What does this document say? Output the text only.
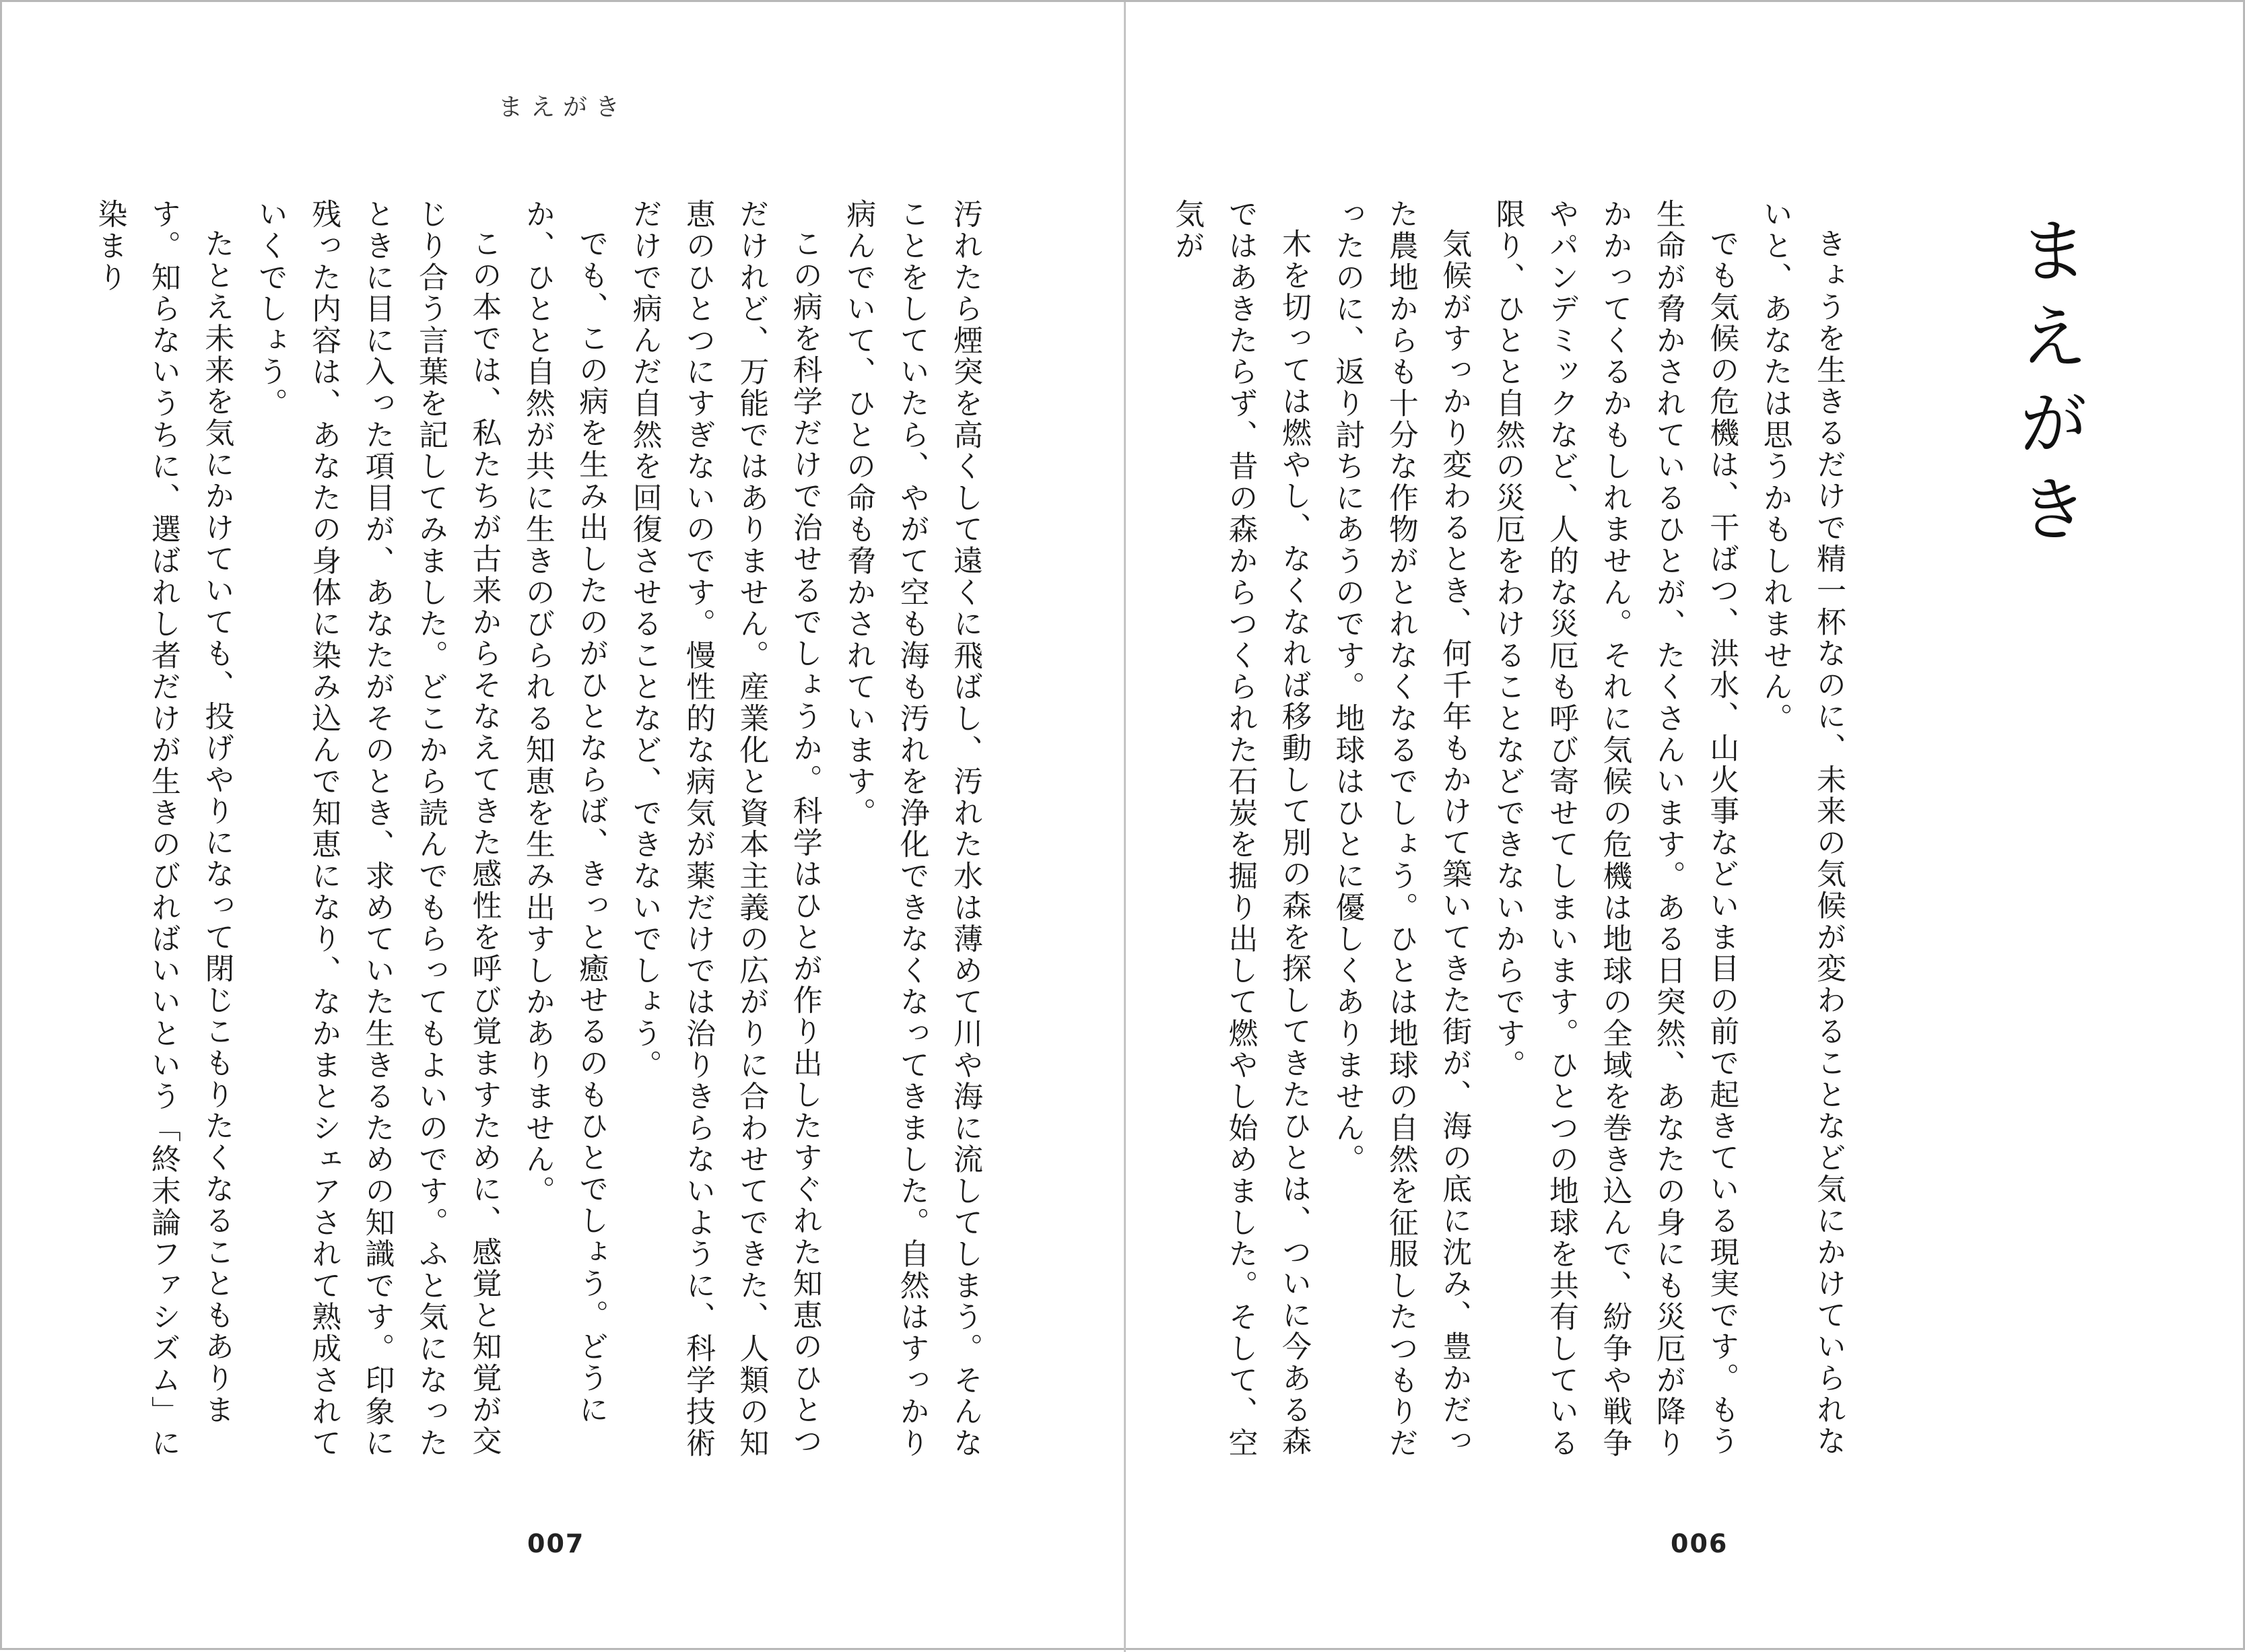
まえがき

汚れたら煙突を高くして遠くに飛ばし、汚れた水は薄めて川や海に流してしまう。そんなことをしていたら、やがて空も海も汚れを浄化できなくなってきました。自然はすっかり病んでいて、ひとの命も脅かされています。

この病を科学だけで治せるでしょうか。科学はひとが作り出したすぐれた知恵のひとつだけれど、万能ではありません。産業化と資本主義の広がりに合わせてできた、人類の知恵のひとつにすぎないのです。慢性的な病気が薬だけでは治りきらないように、科学技術だけで病んだ自然を回復させることなど、できないでしょう。

でも、この病を生み出したのがひとならば、きっと癒せるのもひとでしょう。どうにか、ひとと自然が共に生きのびられる知恵を生み出すしかありません。

この本では、私たちが古来からそなえてきた感性を呼び覚ますために、感覚と知覚が交じり合う言葉を記してみました。どこから読んでもらってもよいのです。ふと気になったときに目に入った項目が、あなたがそのとき、求めていた生きるための知識です。印象に残った内容は、あなたの身体に染み込んで知恵になり、なかまとシェアされて熟成されていくでしょう。

たとえ未来を気にかけていても、投げやりになって閉じこもりたくなることもあります。知らないうちに、選ばれし者だけが生きのびればいいという「終末論ファシズム」に染まり

007
まえがき

きょうを生きるだけで精一杯なのに、未来の気候が変わることなど気にかけていられないと、あなたは思うかもしれません。

でも気候の危機は、干ばつ、洪水、山火事などいま目の前で起きている現実です。もう生命が脅かされているひとが、たくさんいます。ある日突然、あなたの身にも災厄が降りかかってくるかもしれません。それに気候の危機は地球の全域を巻き込んで、紛争や戦争やパンデミックなど、人的な災厄も呼び寄せてしまいます。ひとつの地球を共有している限り、ひとと自然の災厄をわけることなどできないからです。

気候がすっかり変わるとき、何千年もかけて築いてきた街が、海の底に沈み、豊かだった農地からも十分な作物がとれなくなるでしょう。ひとは地球の自然を征服したつもりだったのに、返り討ちにあうのです。地球はひとに優しくありません。

木を切っては燃やし、なくなれば移動して別の森を探してきたひとは、ついに今ある森ではあきたらず、昔の森からつくられた石炭を掘り出して燃やし始めました。そして、空気が

006
